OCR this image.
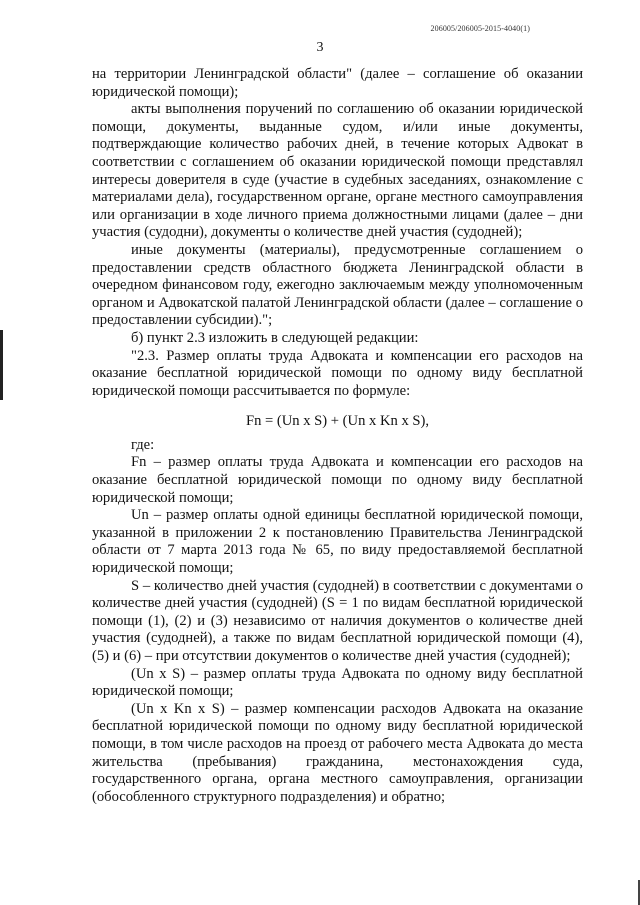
206005/206005-2015-4040(1)
3

на территории Ленинградской области" (далее – соглашение об оказании юридической помощи);

акты выполнения поручений по соглашению об оказании юридической помощи, документы, выданные судом, и/или иные документы, подтверждающие количество рабочих дней, в течение которых Адвокат в соответствии с соглашением об оказании юридической помощи представлял интересы доверителя в суде (участие в судебных заседаниях, ознакомление с материалами дела), государственном органе, органе местного самоуправления или организации в ходе личного приема должностными лицами (далее – дни участия (судодни), документы о количестве дней участия (судодней);

иные документы (материалы), предусмотренные соглашением о предоставлении средств областного бюджета Ленинградской области в очередном финансовом году, ежегодно заключаемым между уполномоченным органом и Адвокатской палатой Ленинградской области (далее – соглашение о предоставлении субсидии).";

б) пункт 2.3 изложить в следующей редакции:

"2.3. Размер оплаты труда Адвоката и компенсации его расходов на оказание бесплатной юридической помощи по одному виду бесплатной юридической помощи рассчитывается по формуле:

Fn = (Un x S) + (Un x Kn x S),

где:

Fn – размер оплаты труда Адвоката и компенсации его расходов на оказание бесплатной юридической помощи по одному виду бесплатной юридической помощи;

Un – размер оплаты одной единицы бесплатной юридической помощи, указанной в приложении 2 к постановлению Правительства Ленинградской области от 7 марта 2013 года № 65, по виду предоставляемой бесплатной юридической помощи;

S – количество дней участия (судодней) в соответствии с документами о количестве дней участия (судодней) (S = 1 по видам бесплатной юридической помощи (1), (2) и (3) независимо от наличия документов о количестве дней участия (судодней), а также по видам бесплатной юридической помощи (4), (5) и (6) – при отсутствии документов о количестве дней участия (судодней);

(Un x S) – размер оплаты труда Адвоката по одному виду бесплатной юридической помощи;

(Un x Kn x S) – размер компенсации расходов Адвоката на оказание бесплатной юридической помощи по одному виду бесплатной юридической помощи, в том числе расходов на проезд от рабочего места Адвоката до места жительства (пребывания) гражданина, местонахождения суда, государственного органа, органа местного самоуправления, организации (обособленного структурного подразделения) и обратно;
